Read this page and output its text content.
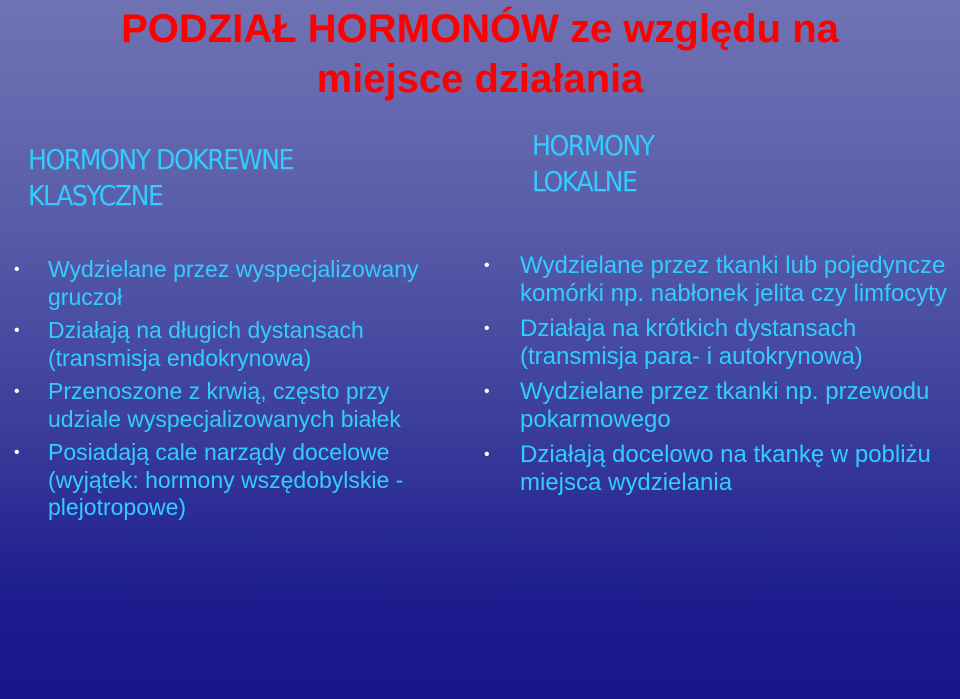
PODZIAŁ HORMONÓW ze względu na
miejsce działania
HORMONY DOKREWNE
KLASYCZNE
HORMONY
LOKALNE
• Wydzielane przez wyspecjalizowany gruczoł
• Działają na długich dystansach (transmisja endokrynowa)
• Przenoszone z krwią, często przy udziale wyspecjalizowanych białek
• Posiadają cale narządy docelowe (wyjątek: hormony wszędobylskie - plejotropowe)
• Wydzielane przez tkanki lub pojedyncze komórki np. nabłonek jelita czy limfocyty
• Działaja na krótkich dystansach (transmisja para- i autokrynowa)
• Wydzielane przez tkanki np. przewodu pokarmowego
• Działają docelowo na tkankę w pobliżu miejsca wydzielania
